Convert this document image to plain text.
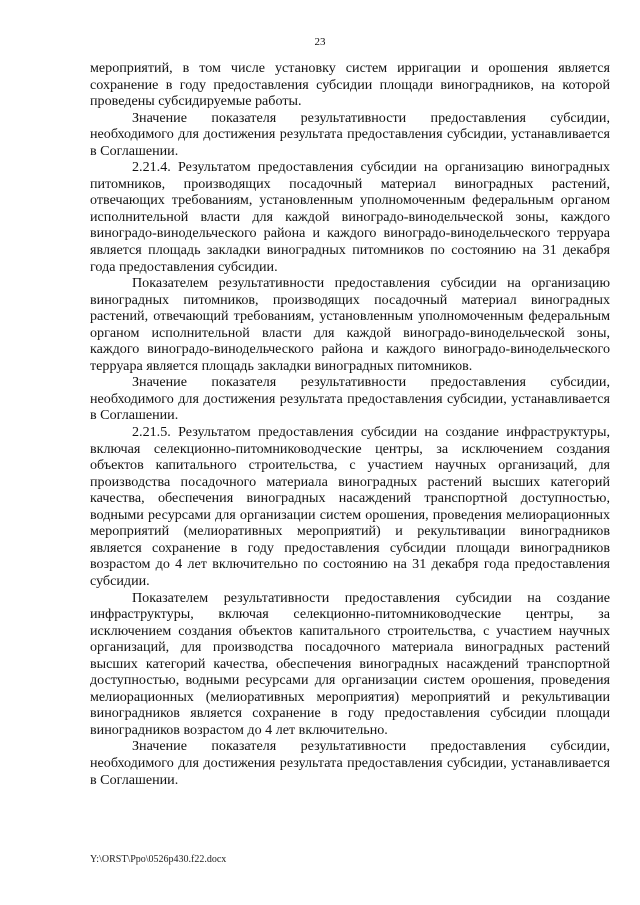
23

мероприятий, в том числе установку систем ирригации и орошения является сохранение в году предоставления субсидии площади виноградников, на которой проведены субсидируемые работы.

Значение показателя результативности предоставления субсидии, необходимого для достижения результата предоставления субсидии, устанавливается в Соглашении.

2.21.4. Результатом предоставления субсидии на организацию виноградных питомников, производящих посадочный материал виноградных растений, отвечающих требованиям, установленным уполномоченным федеральным органом исполнительной власти для каждой виноградо-винодельческой зоны, каждого виноградо-винодельческого района и каждого виноградо-винодельческого терруара является площадь закладки виноградных питомников по состоянию на 31 декабря года предоставления субсидии.

Показателем результативности предоставления субсидии на организацию виноградных питомников, производящих посадочный материал виноградных растений, отвечающий требованиям, установленным уполномоченным федеральным органом исполнительной власти для каждой виноградо-винодельческой зоны, каждого виноградо-винодельческого района и каждого виноградо-винодельческого терруара является площадь закладки виноградных питомников.

Значение показателя результативности предоставления субсидии, необходимого для достижения результата предоставления субсидии, устанавливается в Соглашении.

2.21.5. Результатом предоставления субсидии на создание инфраструктуры, включая селекционно-питомниководческие центры, за исключением создания объектов капитального строительства, с участием научных организаций, для производства посадочного материала виноградных растений высших категорий качества, обеспечения виноградных насаждений транспортной доступностью, водными ресурсами для организации систем орошения, проведения мелиорационных мероприятий (мелиоративных мероприятий) и рекультивации виноградников является сохранение в году предоставления субсидии площади виноградников возрастом до 4 лет включительно по состоянию на 31 декабря года предоставления субсидии.

Показателем результативности предоставления субсидии на создание инфраструктуры, включая селекционно-питомниководческие центры, за исключением создания объектов капитального строительства, с участием научных организаций, для производства посадочного материала виноградных растений высших категорий качества, обеспечения виноградных насаждений транспортной доступностью, водными ресурсами для организации систем орошения, проведения мелиорационных (мелиоративных мероприятия) мероприятий и рекультивации виноградников является сохранение в году предоставления субсидии площади виноградников возрастом до 4 лет включительно.

Значение показателя результативности предоставления субсидии, необходимого для достижения результата предоставления субсидии, устанавливается в Соглашении.

Y:\ORST\Ppo\0526p430.f22.docx
